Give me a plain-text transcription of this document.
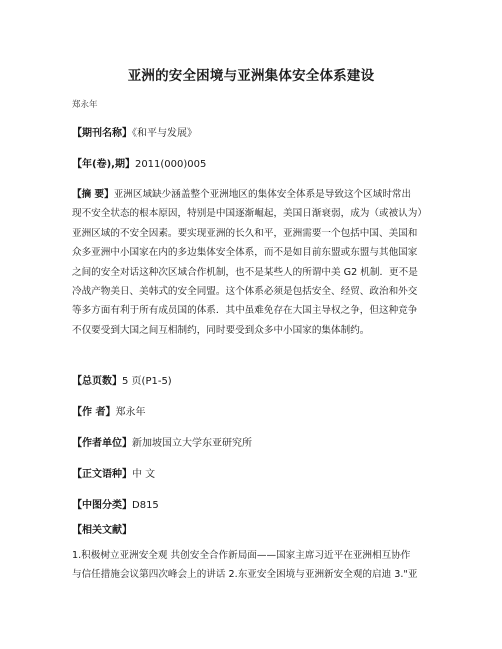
亚洲的安全困境与亚洲集体安全体系建设
郑永年
【期刊名称】《和平与发展》
【年(卷),期】2011(000)005
【摘 要】亚洲区域缺少涵盖整个亚洲地区的集体安全体系是导致这个区域时常出
现不安全状态的根本原因，特别是中国逐渐崛起，美国日渐衰弱，成为（或被认为）
亚洲区域的不安全因素。要实现亚洲的长久和平，亚洲需要一个包括中国、美国和
众多亚洲中小国家在内的多边集体安全体系，而不是如目前东盟或东盟与其他国家
之间的安全对话这种次区域合作机制，也不是某些人的所谓中美 G2 机制．更不是
冷战产物美日、美韩式的安全同盟。这个体系必须是包括安全、经贸、政治和外交
等多方面有利于所有成员国的体系．其中虽难免存在大国主导权之争，但这种竞争
不仅要受到大国之间互相制约，同时要受到众多中小国家的集体制约。
【总页数】5 页(P1-5)
【作 者】郑永年
【作者单位】新加坡国立大学东亚研究所
【正文语种】中 文
【中图分类】D815
【相关文献】
1.积极树立亚洲安全观 共创安全合作新局面——国家主席习近平在亚洲相互协作
与信任措施会议第四次峰会上的讲话 2.东亚安全困境与亚洲新安全观的启迪 3."亚
